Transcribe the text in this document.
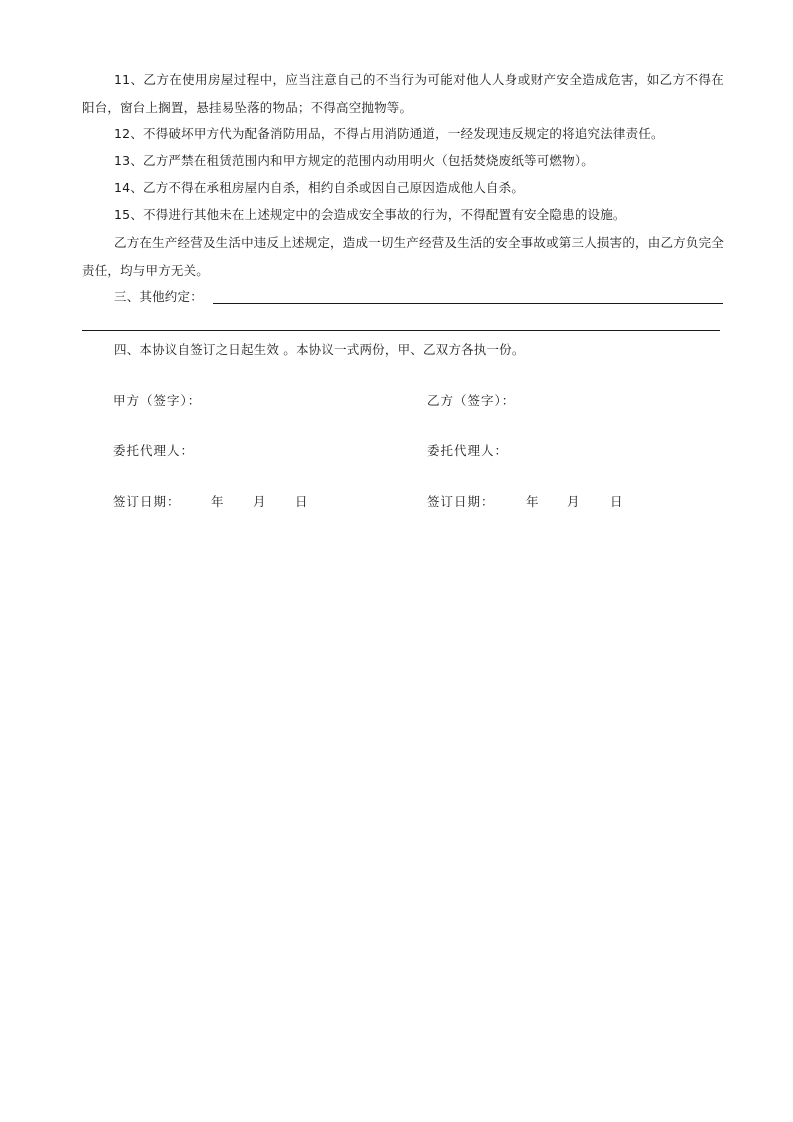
11、乙方在使用房屋过程中，应当注意自己的不当行为可能对他人人身或财产安全造成危害，如乙方不得在阳台，窗台上搁置，悬挂易坠落的物品；不得高空抛物等。
12、不得破坏甲方代为配备消防用品，不得占用消防通道，一经发现违反规定的将追究法律责任。
13、乙方严禁在租赁范围内和甲方规定的范围内动用明火（包括焚烧废纸等可燃物）。
14、乙方不得在承租房屋内自杀，相约自杀或因自己原因造成他人自杀。
15、不得进行其他未在上述规定中的会造成安全事故的行为，不得配置有安全隐患的设施。
乙方在生产经营及生活中违反上述规定，造成一切生产经营及生活的安全事故或第三人损害的，由乙方负完全责任，均与甲方无关。
三、其他约定：
四、本协议自签订之日起生效 。本协议一式两份，甲、乙双方各执一份。
甲方（签字）：
委托代理人：
签订日期： 年 月 日
乙方（签字）：
委托代理人：
签订日期：	年 月 日
